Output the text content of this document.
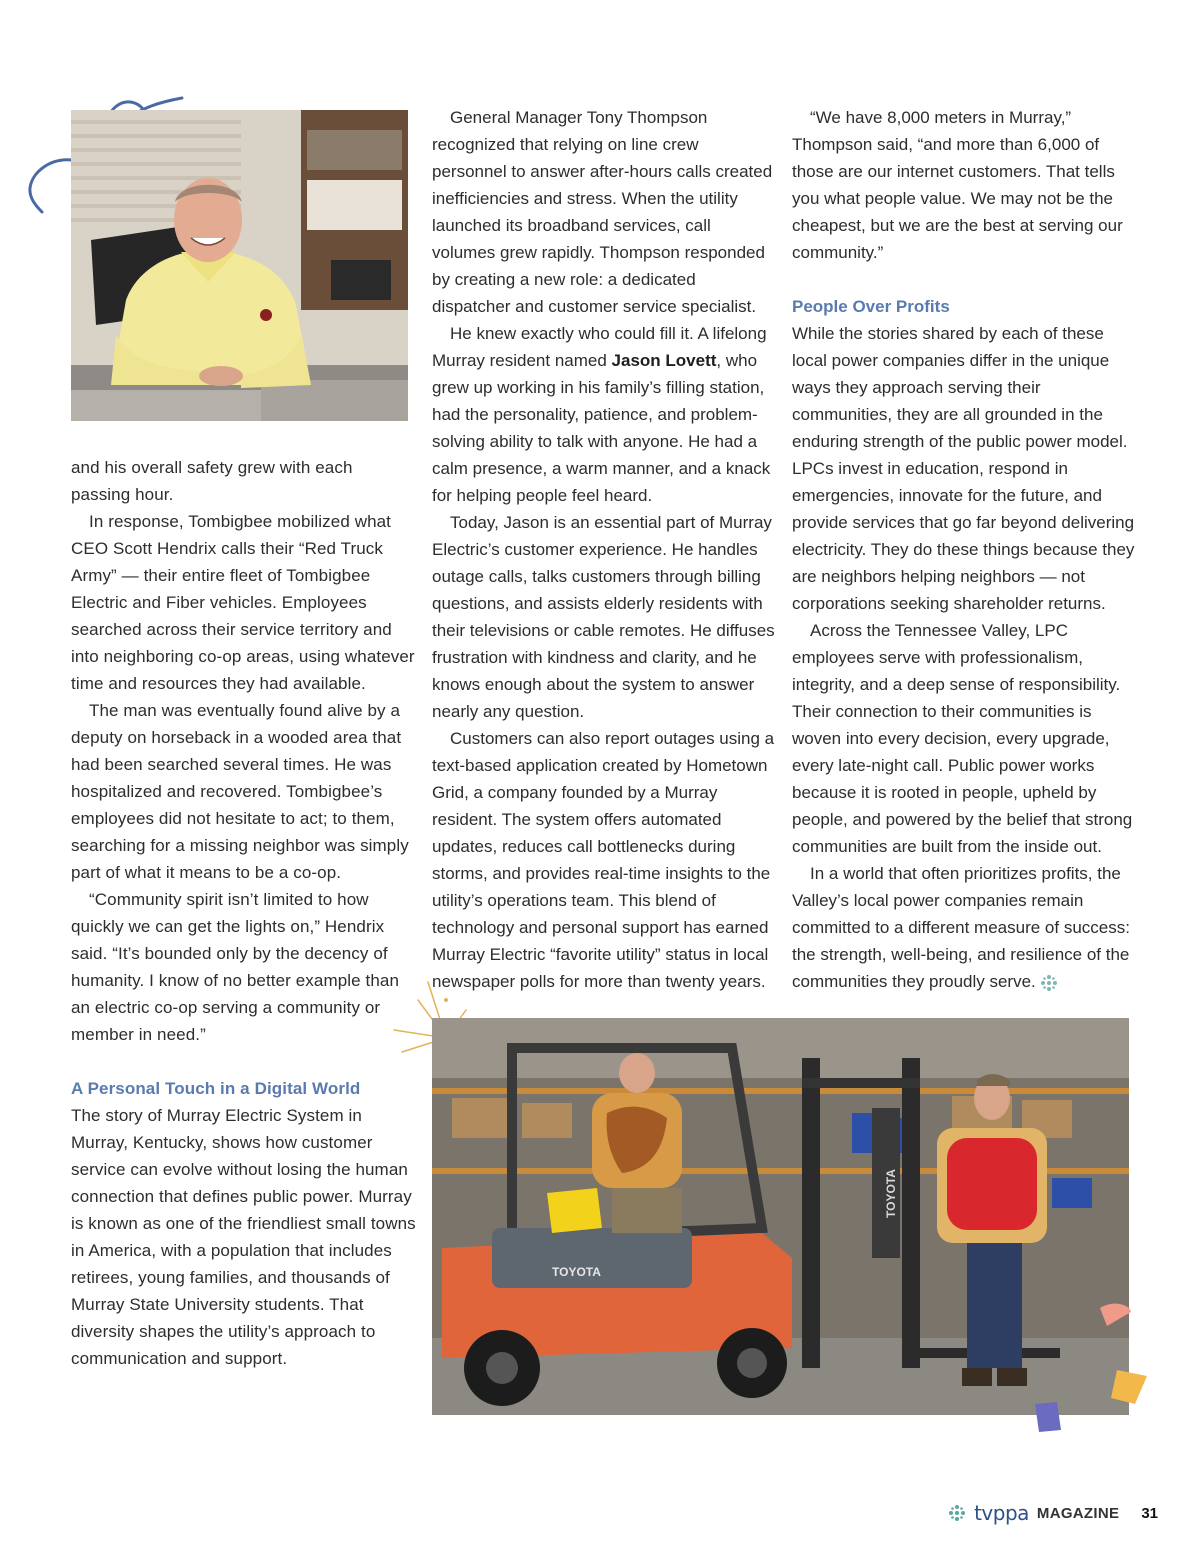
and his overall safety grew with each passing hour.

In response, Tombigbee mobilized what CEO Scott Hendrix calls their “Red Truck Army” — their entire fleet of Tombigbee Electric and Fiber vehicles. Employees searched across their service territory and into neighboring co-op areas, using whatever time and resources they had available.

The man was eventually found alive by a deputy on horseback in a wooded area that had been searched several times. He was hospitalized and recovered. Tombigbee’s employees did not hesitate to act; to them, searching for a missing neighbor was simply part of what it means to be a co-op.

“Community spirit isn’t limited to how quickly we can get the lights on,” Hendrix said. “It’s bounded only by the decency of humanity. I know of no better example than an electric co-op serving a community or member in need.”

A Personal Touch in a Digital World

The story of Murray Electric System in Murray, Kentucky, shows how customer service can evolve without losing the human connection that defines public power. Murray is known as one of the friendliest small towns in America, with a population that includes retirees, young families, and thousands of Murray State University students. That diversity shapes the utility’s approach to communication and support.

General Manager Tony Thompson recognized that relying on line crew personnel to answer after-hours calls created inefficiencies and stress. When the utility launched its broadband services, call volumes grew rapidly. Thompson responded by creating a new role: a dedicated dispatcher and customer service specialist.

He knew exactly who could fill it. A lifelong Murray resident named Jason Lovett, who grew up working in his family’s filling station, had the personality, patience, and problem-solving ability to talk with anyone. He had a calm presence, a warm manner, and a knack for helping people feel heard.

Today, Jason is an essential part of Murray Electric’s customer experience. He handles outage calls, talks customers through billing questions, and assists elderly residents with their televisions or cable remotes. He diffuses frustration with kindness and clarity, and he knows enough about the system to answer nearly any question.

Customers can also report outages using a text-based application created by Hometown Grid, a company founded by a Murray resident. The system offers automated updates, reduces call bottlenecks during storms, and provides real-time insights to the utility’s operations team. This blend of technology and personal support has earned Murray Electric “favorite utility” status in local newspaper polls for more than twenty years.

“We have 8,000 meters in Murray,” Thompson said, “and more than 6,000 of those are our internet customers. That tells you what people value. We may not be the cheapest, but we are the best at serving our community.”

People Over Profits

While the stories shared by each of these local power companies differ in the unique ways they approach serving their communities, they are all grounded in the enduring strength of the public power model. LPCs invest in education, respond in emergencies, innovate for the future, and provide services that go far beyond delivering electricity. They do these things because they are neighbors helping neighbors — not corporations seeking shareholder returns.

Across the Tennessee Valley, LPC employees serve with professionalism, integrity, and a deep sense of responsibility. Their connection to their communities is woven into every decision, every upgrade, every late-night call. Public power works because it is rooted in people, upheld by people, and powered by the belief that strong communities are built from the inside out.

In a world that often prioritizes profits, the Valley’s local power companies remain committed to a different measure of success: the strength, well-being, and resilience of the communities they proudly serve.

TOYOTA
TOYOTA
tvppa MAGAZINE 31
